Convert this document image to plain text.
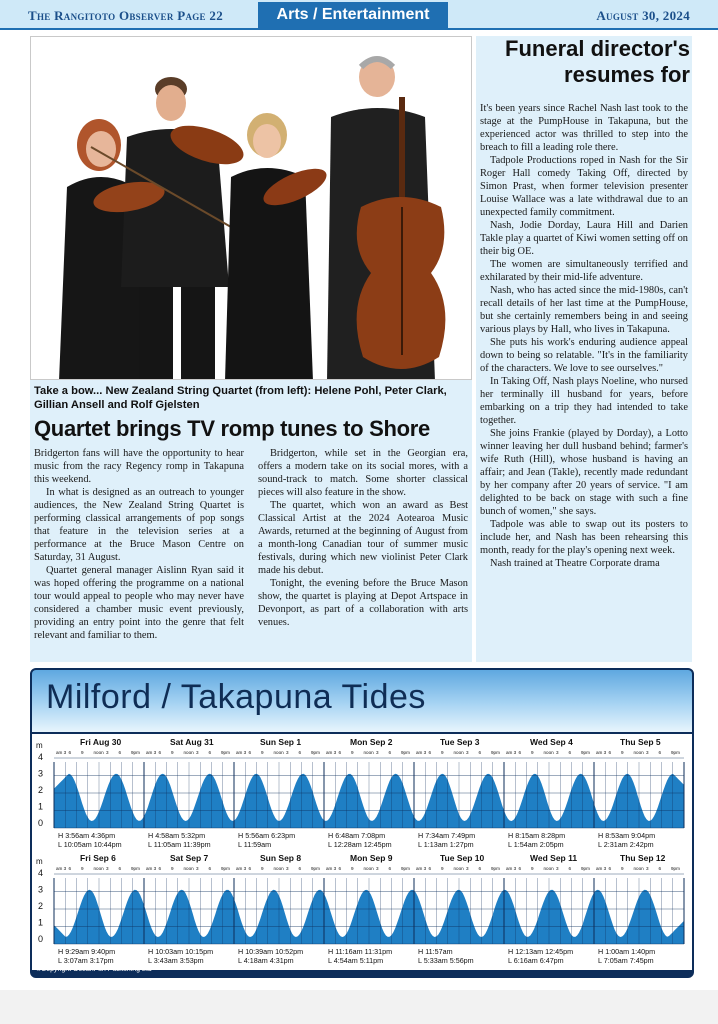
The Rangitoto Observer Page 22	Arts / Entertainment	August 30, 2024
Take a bow... New Zealand String Quartet (from left): Helene Pohl, Peter Clark, Gillian Ansell and Rolf Gjelsten
Quartet brings TV romp tunes to Shore

Bridgerton fans will have the opportunity to hear music from the racy Regency romp in Takapuna this weekend.

In what is designed as an outreach to younger audiences, the New Zealand String Quartet is performing classical arrangements of pop songs that feature in the television series at a performance at the Bruce Mason Centre on Saturday, 31 August.

Quartet general manager Aislinn Ryan said it was hoped offering the programme on a national tour would appeal to people who may never have considered a chamber music event previously, providing an entry point into the genre that felt relevant and familiar to them.

Bridgerton, while set in the Georgian era, offers a modern take on its social mores, with a sound-track to match. Some shorter classical pieces will also feature in the show.

The quartet, which won an award as Best Classical Artist at the 2024 Aotearoa Music Awards, returned at the beginning of August from a month-long Canadian tour of summer music festivals, during which new violinist Peter Clark made his debut.

Tonight, the evening before the Bruce Mason show, the quartet is playing at Depot Artspace in Devonport, as part of a collaboration with arts venues.

Funeral director's resumes for

It's been years since Rachel Nash last took to the stage at the PumpHouse in Takapuna, but the experienced actor was thrilled to step into the breach to fill a leading role there.

Tadpole Productions roped in Nash for the Sir Roger Hall comedy Taking Off, directed by Simon Prast, when former television presenter Louise Wallace was a late withdrawal due to an unexpected family commitment.

Nash, Jodie Dorday, Laura Hill and Darien Takle play a quartet of Kiwi women setting off on their big OE.

The women are simultaneously terrified and exhilarated by their mid-life adventure.

Nash, who has acted since the mid-1980s, can't recall details of her last time at the PumpHouse, but she certainly remembers being in and seeing various plays by Hall, who lives in Takapuna.

She puts his work's enduring audience appeal down to being so relatable. "It's in the familiarity of the characters. We love to see ourselves."

In Taking Off, Nash plays Noeline, who nursed her terminally ill husband for years, before embarking on a trip they had intended to take together.

She joins Frankie (played by Dorday), a Lotto winner leaving her dull husband behind; farmer's wife Ruth (Hill), whose husband is having an affair; and Jean (Takle), recently made redundant by her company after 20 years of service. "I am delighted to be back on stage with such a fine bunch of women," she says.

Tadpole was able to swap out its posters to include her, and Nash has been rehearsing this month, ready for the play's opening next week.

Nash trained at Theatre Corporate drama

Milford / Takapuna Tides
m
4
3
2
1
0
Fri Aug 30
am 3 6 9 noon 3 6 9pm
H 3:56am 4:36pm
L 10:05am 10:44pm
Sat Aug 31
am 3 6 9 noon 3 6 9pm
H 4:58am 5:32pm
L 11:05am 11:39pm
Sun Sep 1
am 3 6 9 noon 3 6 9pm
H 5:56am 6:23pm
L 11:59am
Mon Sep 2
am 3 6 9 noon 3 6 9pm
H 6:48am 7:08pm
L 12:28am 12:45pm
Tue Sep 3
am 3 6 9 noon 3 6 9pm
H 7:34am 7:49pm
L 1:13am 1:27pm
Wed Sep 4
am 3 6 9 noon 3 6 9pm
H 8:15am 8:28pm
L 1:54am 2:05pm
Thu Sep 5
am 3 6 9 noon 3 6 9pm
H 8:53am 9:04pm
L 2:31am 2:42pm
m
4
3
2
1
0
Fri Sep 6
am 3 6 9 noon 3 6 9pm
H 9:29am 9:40pm
L 3:07am 3:17pm
Sat Sep 7
am 3 6 9 noon 3 6 9pm
H 10:03am 10:15pm
L 3:43am 3:53pm
Sun Sep 8
am 3 6 9 noon 3 6 9pm
H 10:39am 10:52pm
L 4:18am 4:31pm
Mon Sep 9
am 3 6 9 noon 3 6 9pm
H 11:16am 11:31pm
L 4:54am 5:11pm
Tue Sep 10
am 3 6 9 noon 3 6 9pm
H 11:57am
L 5:33am 5:56pm
Wed Sep 11
am 3 6 9 noon 3 6 9pm
H 12:13am 12:45pm
L 6:16am 6:47pm
Thu Sep 12
am 3 6 9 noon 3 6 9pm
H 1:00am 1:40pm
L 7:05am 7:45pm
©Copyright OceanFun Publishing Ltd
